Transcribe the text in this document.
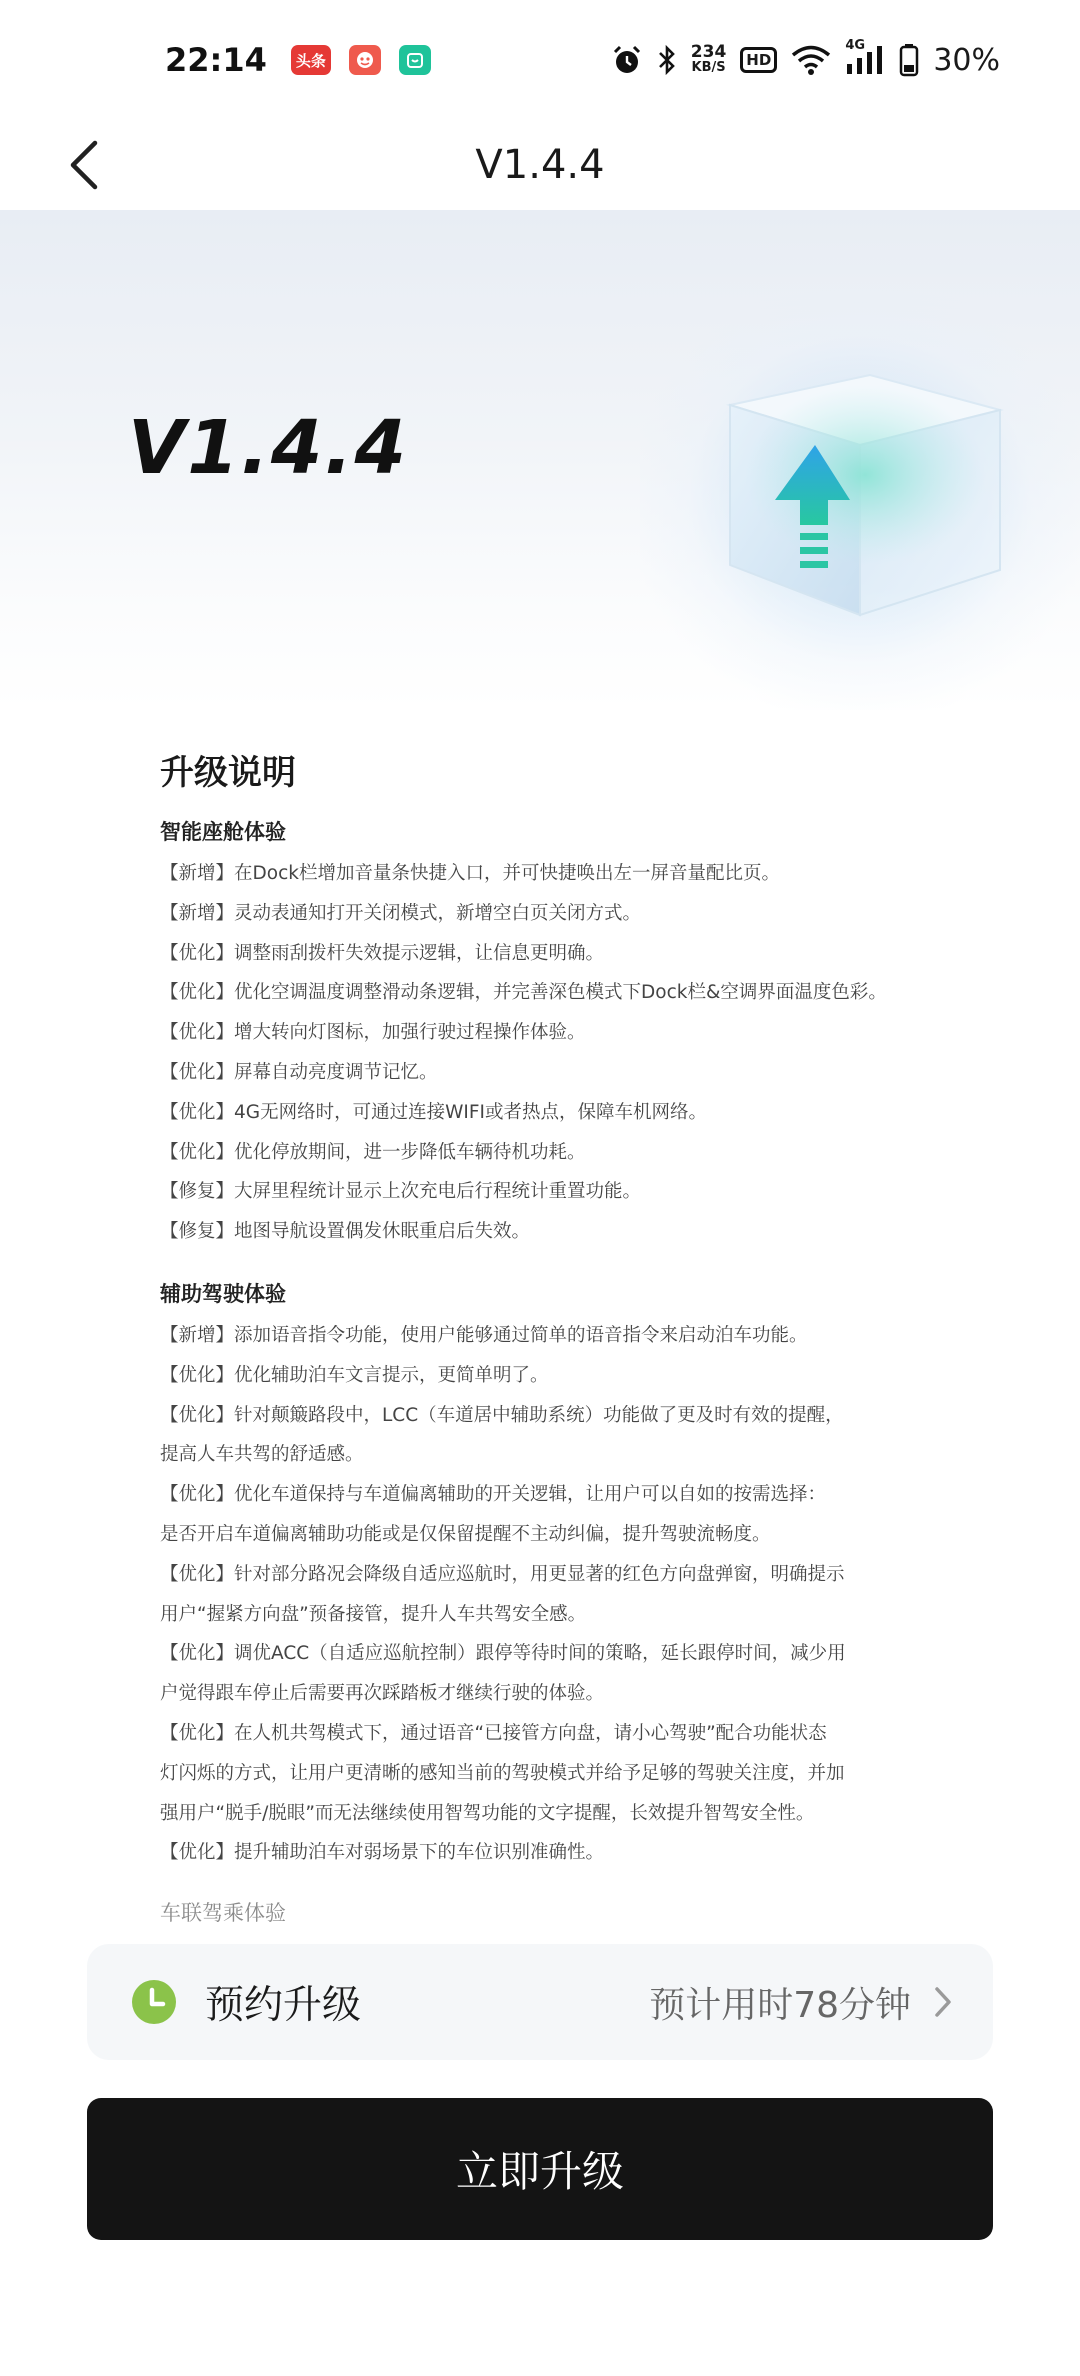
22:14	头条	234
KB/S	HD
4G 30%
V1.4.4
V1.4.4
升级说明
智能座舱体验
【新增】在Dock栏增加音量条快捷入口，并可快捷唤出左一屏音量配比页。
【新增】灵动表通知打开关闭模式，新增空白页关闭方式。
【优化】调整雨刮拨杆失效提示逻辑，让信息更明确。
【优化】优化空调温度调整滑动条逻辑，并完善深色模式下Dock栏&空调界面温度色彩。
【优化】增大转向灯图标，加强行驶过程操作体验。
【优化】屏幕自动亮度调节记忆。
【优化】4G无网络时，可通过连接WIFI或者热点，保障车机网络。
【优化】优化停放期间，进一步降低车辆待机功耗。
【修复】大屏里程统计显示上次充电后行程统计重置功能。
【修复】地图导航设置偶发休眠重启后失效。
辅助驾驶体验
【新增】添加语音指令功能，使用户能够通过简单的语音指令来启动泊车功能。
【优化】优化辅助泊车文言提示，更简单明了。
【优化】针对颠簸路段中，LCC（车道居中辅助系统）功能做了更及时有效的提醒，
提高人车共驾的舒适感。
【优化】优化车道保持与车道偏离辅助的开关逻辑，让用户可以自如的按需选择：
是否开启车道偏离辅助功能或是仅保留提醒不主动纠偏，提升驾驶流畅度。
【优化】针对部分路况会降级自适应巡航时，用更显著的红色方向盘弹窗，明确提示
用户“握紧方向盘”预备接管，提升人车共驾安全感。
【优化】调优ACC（自适应巡航控制）跟停等待时间的策略，延长跟停时间，减少用
户觉得跟车停止后需要再次踩踏板才继续行驶的体验。
【优化】在人机共驾模式下，通过语音“已接管方向盘，请小心驾驶”配合功能状态
灯闪烁的方式，让用户更清晰的感知当前的驾驶模式并给予足够的驾驶关注度，并加
强用户“脱手/脱眼”而无法继续使用智驾功能的文字提醒，长效提升智驾安全性。
【优化】提升辅助泊车对弱场景下的车位识别准确性。
车联驾乘体验
预约升级	预计用时78分钟
立即升级
